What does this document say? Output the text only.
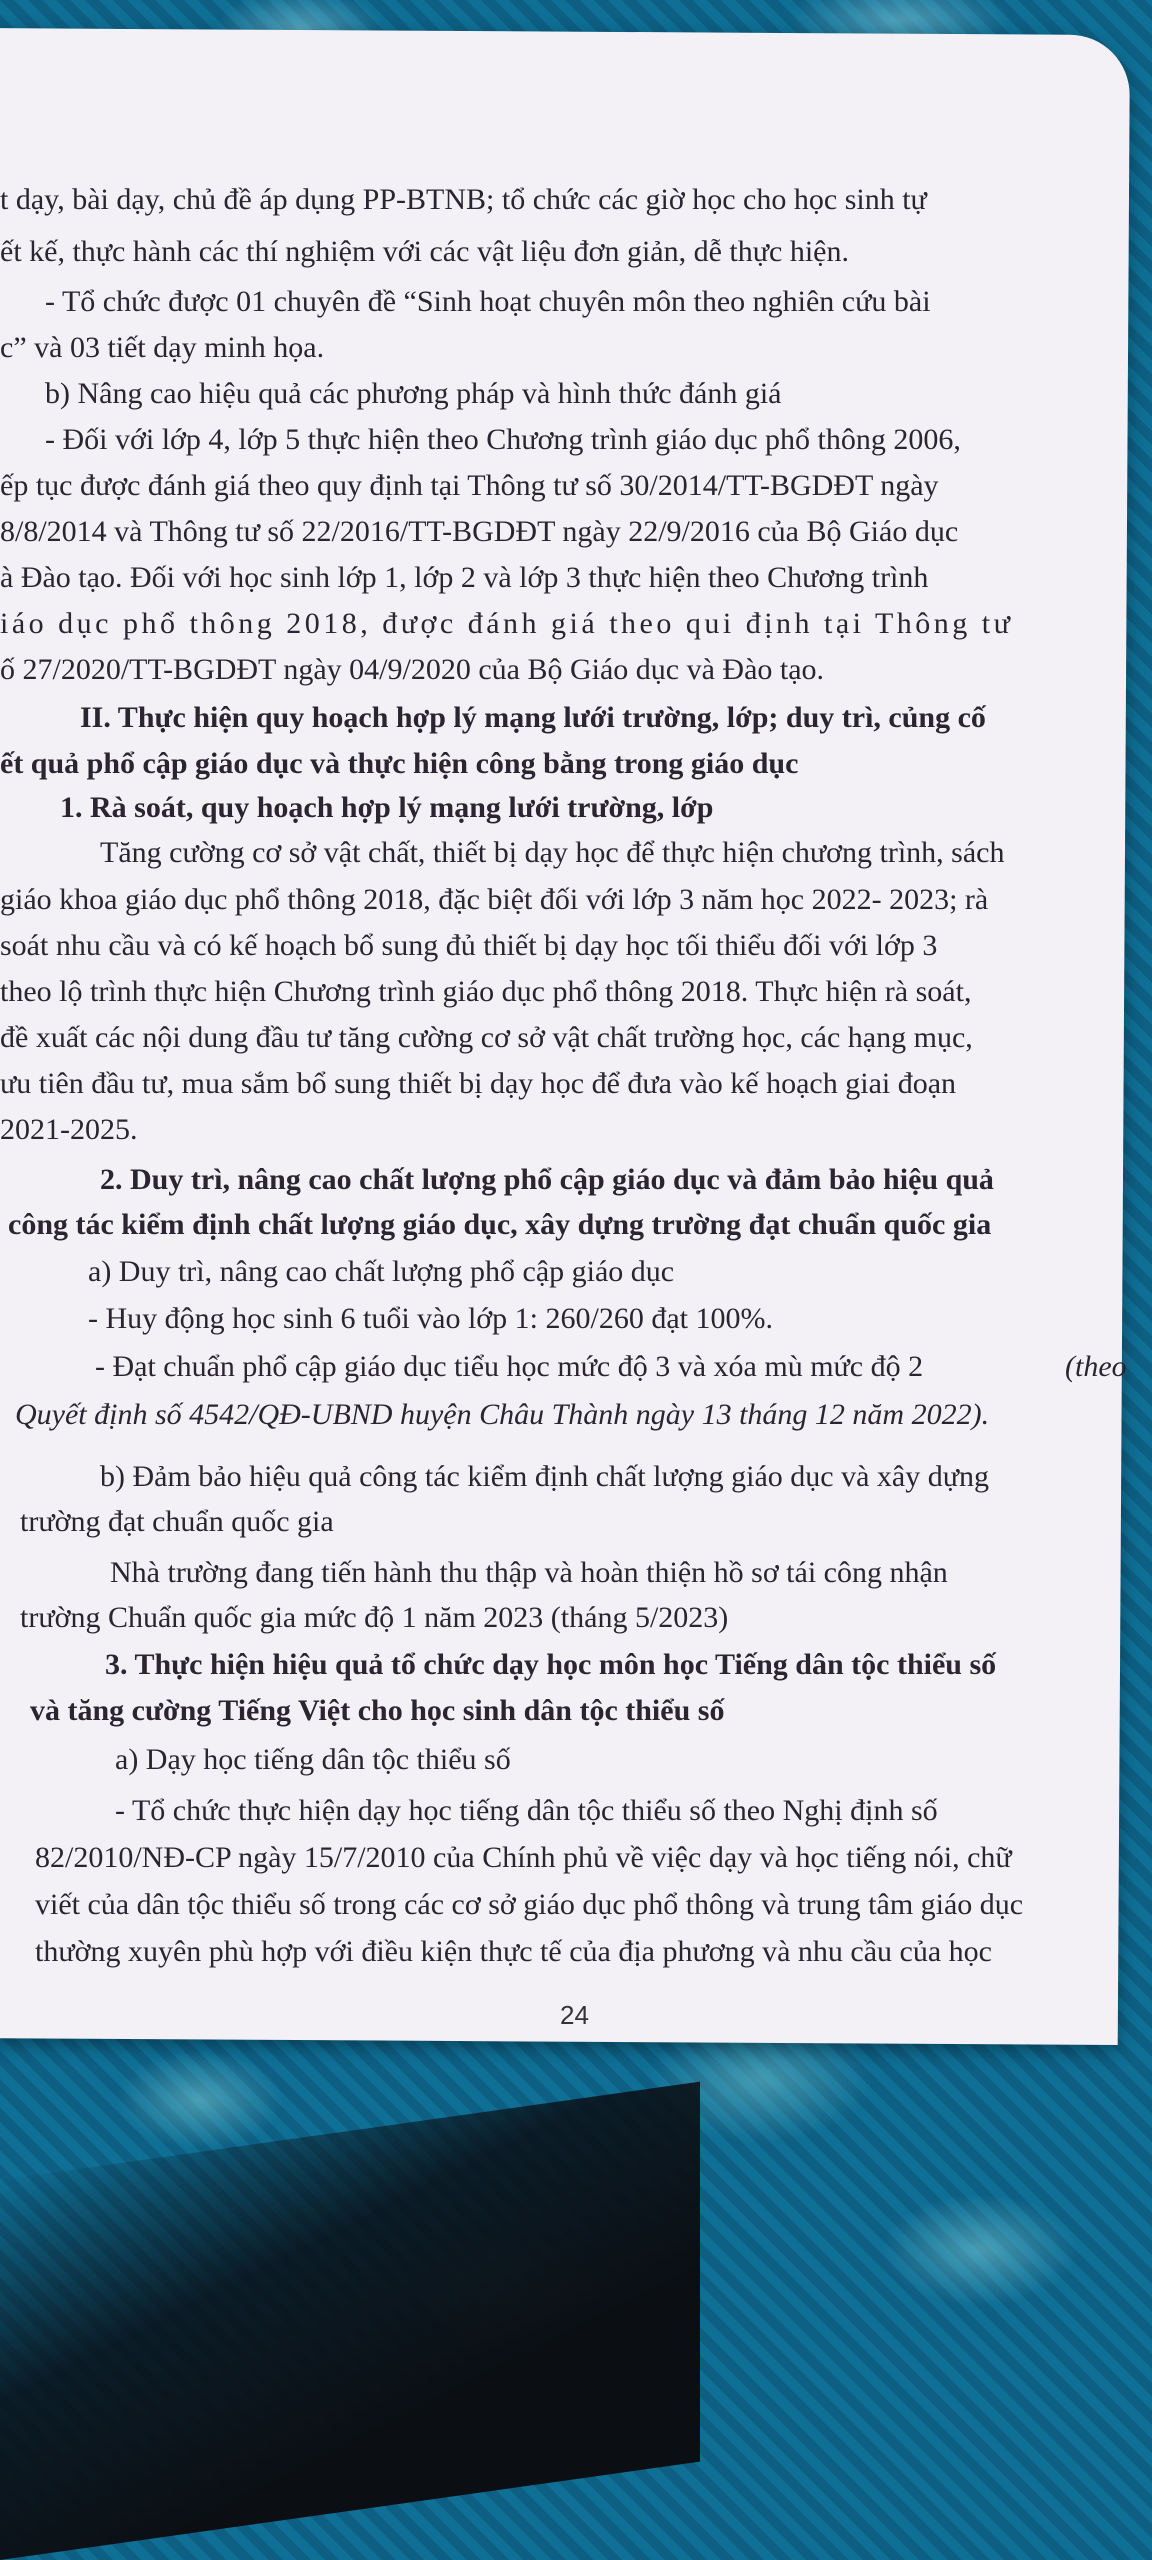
t dạy, bài dạy, chủ đề áp dụng PP-BTNB; tổ chức các giờ học cho học sinh tự
ết kế, thực hành các thí nghiệm với các vật liệu đơn giản, dễ thực hiện.
- Tổ chức được 01 chuyên đề “Sinh hoạt chuyên môn theo nghiên cứu bài
c” và 03 tiết dạy minh họa.
b) Nâng cao hiệu quả các phương pháp và hình thức đánh giá
- Đối với lớp 4, lớp 5 thực hiện theo Chương trình giáo dục phổ thông 2006,
ếp tục được đánh giá theo quy định tại Thông tư số 30/2014/TT-BGDĐT ngày
8/8/2014 và Thông tư số 22/2016/TT-BGDĐT ngày 22/9/2016 của Bộ Giáo dục
à Đào tạo. Đối với học sinh lớp 1, lớp 2 và lớp 3 thực hiện theo Chương trình
iáo dục phổ thông 2018, được đánh giá theo qui định tại Thông tư
ố 27/2020/TT-BGDĐT ngày 04/9/2020 của Bộ Giáo dục và Đào tạo.
II. Thực hiện quy hoạch hợp lý mạng lưới trường, lớp; duy trì, củng cố
ết quả phổ cập giáo dục và thực hiện công bằng trong giáo dục
1. Rà soát, quy hoạch hợp lý mạng lưới trường, lớp
Tăng cường cơ sở vật chất, thiết bị dạy học để thực hiện chương trình, sách
giáo khoa giáo dục phổ thông 2018, đặc biệt đối với lớp 3 năm học 2022- 2023; rà
soát nhu cầu và có kế hoạch bổ sung đủ thiết bị dạy học tối thiểu đối với lớp 3
theo lộ trình thực hiện Chương trình giáo dục phổ thông 2018. Thực hiện rà soát,
đề xuất các nội dung đầu tư tăng cường cơ sở vật chất trường học, các hạng mục,
ưu tiên đầu tư, mua sắm bổ sung thiết bị dạy học để đưa vào kế hoạch giai đoạn
2021-2025.
2. Duy trì, nâng cao chất lượng phổ cập giáo dục và đảm bảo hiệu quả
công tác kiểm định chất lượng giáo dục, xây dựng trường đạt chuẩn quốc gia
a) Duy trì, nâng cao chất lượng phổ cập giáo dục
- Huy động học sinh 6 tuổi vào lớp 1: 260/260 đạt 100%.
- Đạt chuẩn phổ cập giáo dục tiểu học mức độ 3 và xóa mù mức độ 2	(theo
Quyết định số 4542/QĐ-UBND huyện Châu Thành ngày 13 tháng 12 năm 2022).
b) Đảm bảo hiệu quả công tác kiểm định chất lượng giáo dục và xây dựng
trường đạt chuẩn quốc gia
Nhà trường đang tiến hành thu thập và hoàn thiện hồ sơ tái công nhận
trường Chuẩn quốc gia mức độ 1 năm 2023 (tháng 5/2023)
3. Thực hiện hiệu quả tổ chức dạy học môn học Tiếng dân tộc thiểu số
và tăng cường Tiếng Việt cho học sinh dân tộc thiểu số
a) Dạy học tiếng dân tộc thiểu số
- Tổ chức thực hiện dạy học tiếng dân tộc thiểu số theo Nghị định số
82/2010/NĐ-CP ngày 15/7/2010 của Chính phủ về việc dạy và học tiếng nói, chữ
viết của dân tộc thiểu số trong các cơ sở giáo dục phổ thông và trung tâm giáo dục
thường xuyên phù hợp với điều kiện thực tế của địa phương và nhu cầu của học
24
